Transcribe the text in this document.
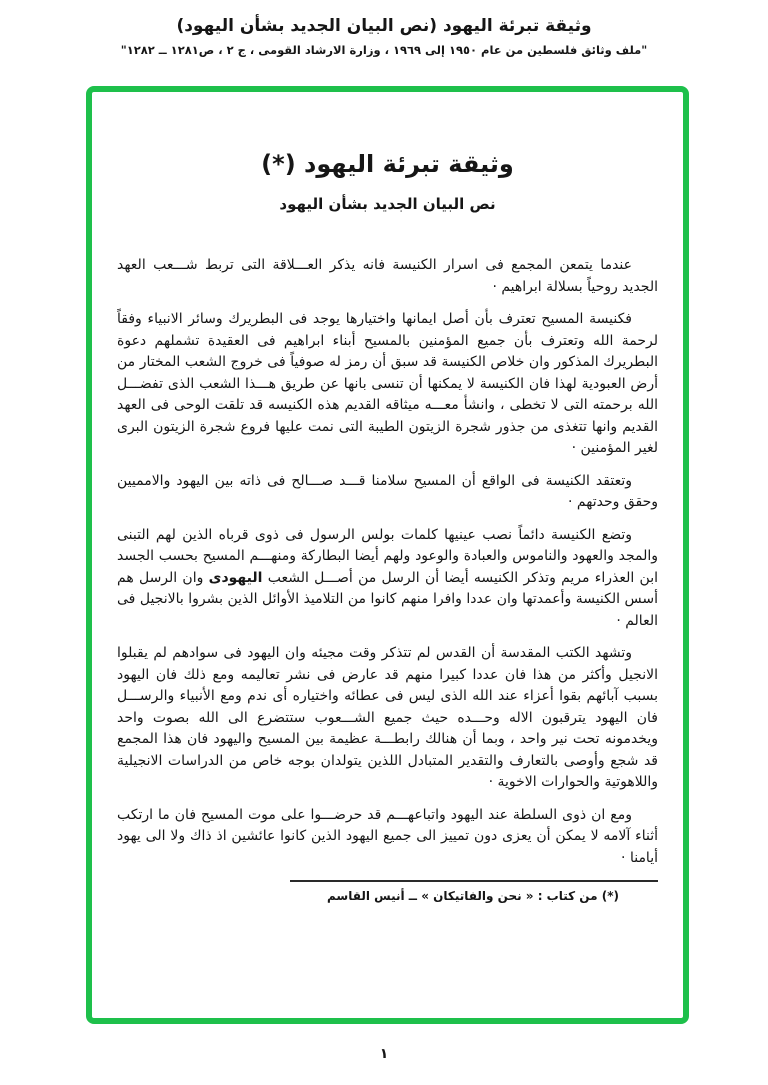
وثيقة تبرئة اليهود (نص البيان الجديد بشأن اليهود)
"ملف وثائق فلسطين من عام ١٩٥٠ إلى ١٩٦٩ ، وزارة الارشاد القومى ، ج ٢ ، ص١٢٨١ ــ ١٢٨٢"
وثيقة تبرئة اليهود (*)
نص البيان الجديد بشأن اليهود

عندما يتمعن المجمع فى اسرار الكنيسة فانه يذكر العـــلاقة التى تربط شـــعب العهد الجديد روحياً بسلالة ابراهيم ·

فكنيسة المسيح تعترف بأن أصل ايمانها واختيارها يوجد فى البطريرك وسائر الانبياء وفقاً لرحمة الله وتعترف بأن جميع المؤمنين بالمسيح أبناء ابراهيم فى العقيدة تشملهم دعوة البطريرك المذكور وان خلاص الكنيسة قد سبق أن رمز له صوفياً فى خروج الشعب المختار من أرض العبودية لهذا فان الكنيسة لا يمكنها أن تنسى بانها عن طريق هـــذا الشعب الذى تفضـــل الله برحمته التى لا تخطى ، وانشأ معـــه ميثاقه القديم هذه الكنيسه قد تلقت الوحى فى العهد القديم وانها تتغذى من جذور شجرة الزيتون الطيبة التى نمت عليها فروع شجرة الزيتون البرى لغير المؤمنين ·

وتعتقد الكنيسة فى الواقع أن المسيح سلامنا قـــد صـــالح فى ذاته بين اليهود والامميين وحقق وحدتهم ·

وتضع الكنيسة دائماً نصب عينيها كلمات بولس الرسول فى ذوى قرباه الذين لهم التبنى والمجد والعهود والناموس والعبادة والوعود ولهم أيضا البطاركة ومنهـــم المسيح بحسب الجسد ابن العذراء مريم وتذكر الكنيسه أيضا أن الرسل من أصـــل الشعب اليهودى وان الرسل هم أسس الكنيسة وأعمدتها وان عددا وافرا منهم كانوا من التلاميذ الأوائل الذين بشروا بالانجيل فى العالم ·

وتشهد الكتب المقدسة أن القدس لم تتذكر وقت مجيئه وان اليهود فى سوادهم لم يقبلوا الانجيل وأكثر من هذا فان عددا كبيرا منهم قد عارض فى نشر تعاليمه ومع ذلك فان اليهود بسبب آبائهم بقوا أعزاء عند الله الذى ليس فى عطائه واختياره أى ندم ومع الأنبياء والرســـل فان اليهود يترقبون الاله وحـــده حيث جميع الشـــعوب ستتضرع الى الله بصوت واحد ويخدمونه تحت نير واحد ، وبما أن هنالك رابطـــة عظيمة بين المسيح واليهود فان هذا المجمع قد شجع وأوصى بالتعارف والتقدير المتبادل اللذين يتولدان بوجه خاص من الدراسات الانجيلية واللاهوتية والحوارات الاخوية ·

ومع ان ذوى السلطة عند اليهود واتباعهـــم قد حرضـــوا على موت المسيح فان ما ارتكب أثناء آلامه لا يمكن أن يعزى دون تمييز الى جميع اليهود الذين كانوا عائشين اذ ذاك ولا الى يهود أيامنا ·

(*) من كتاب : « نحن والفاتيكان » ــ أنيس القاسم
١
